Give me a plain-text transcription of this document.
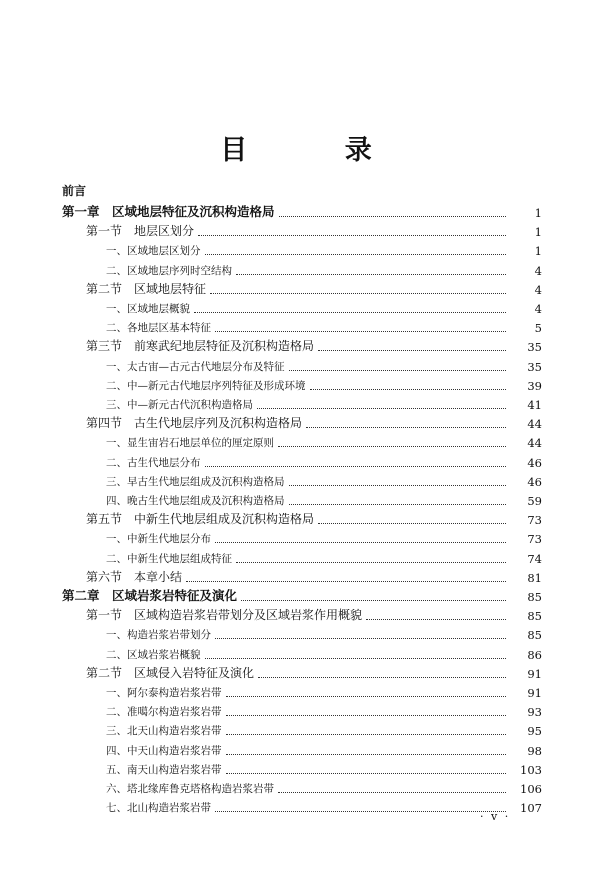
目 录
前言
第一章　区域地层特征及沉积构造格局	1
第一节　地层区划分	1
一、区域地层区划分	1
二、区域地层序列时空结构	4
第二节　区域地层特征	4
一、区域地层概貌	4
二、各地层区基本特征	5
第三节　前寒武纪地层特征及沉积构造格局	35
一、太古宙—古元古代地层分布及特征	35
二、中—新元古代地层序列特征及形成环境	39
三、中—新元古代沉积构造格局	41
第四节　古生代地层序列及沉积构造格局	44
一、显生宙岩石地层单位的厘定原则	44
二、古生代地层分布	46
三、早古生代地层组成及沉积构造格局	46
四、晚古生代地层组成及沉积构造格局	59
第五节　中新生代地层组成及沉积构造格局	73
一、中新生代地层分布	73
二、中新生代地层组成特征	74
第六节　本章小结	81
第二章　区域岩浆岩特征及演化	85
第一节　区域构造岩浆岩带划分及区域岩浆作用概貌	85
一、构造岩浆岩带划分	85
二、区域岩浆岩概貌	86
第二节　区域侵入岩特征及演化	91
一、阿尔泰构造岩浆岩带	91
二、准噶尔构造岩浆岩带	93
三、北天山构造岩浆岩带	95
四、中天山构造岩浆岩带	98
五、南天山构造岩浆岩带	103
六、塔北缘库鲁克塔格构造岩浆岩带	106
七、北山构造岩浆岩带	107
· v ·
